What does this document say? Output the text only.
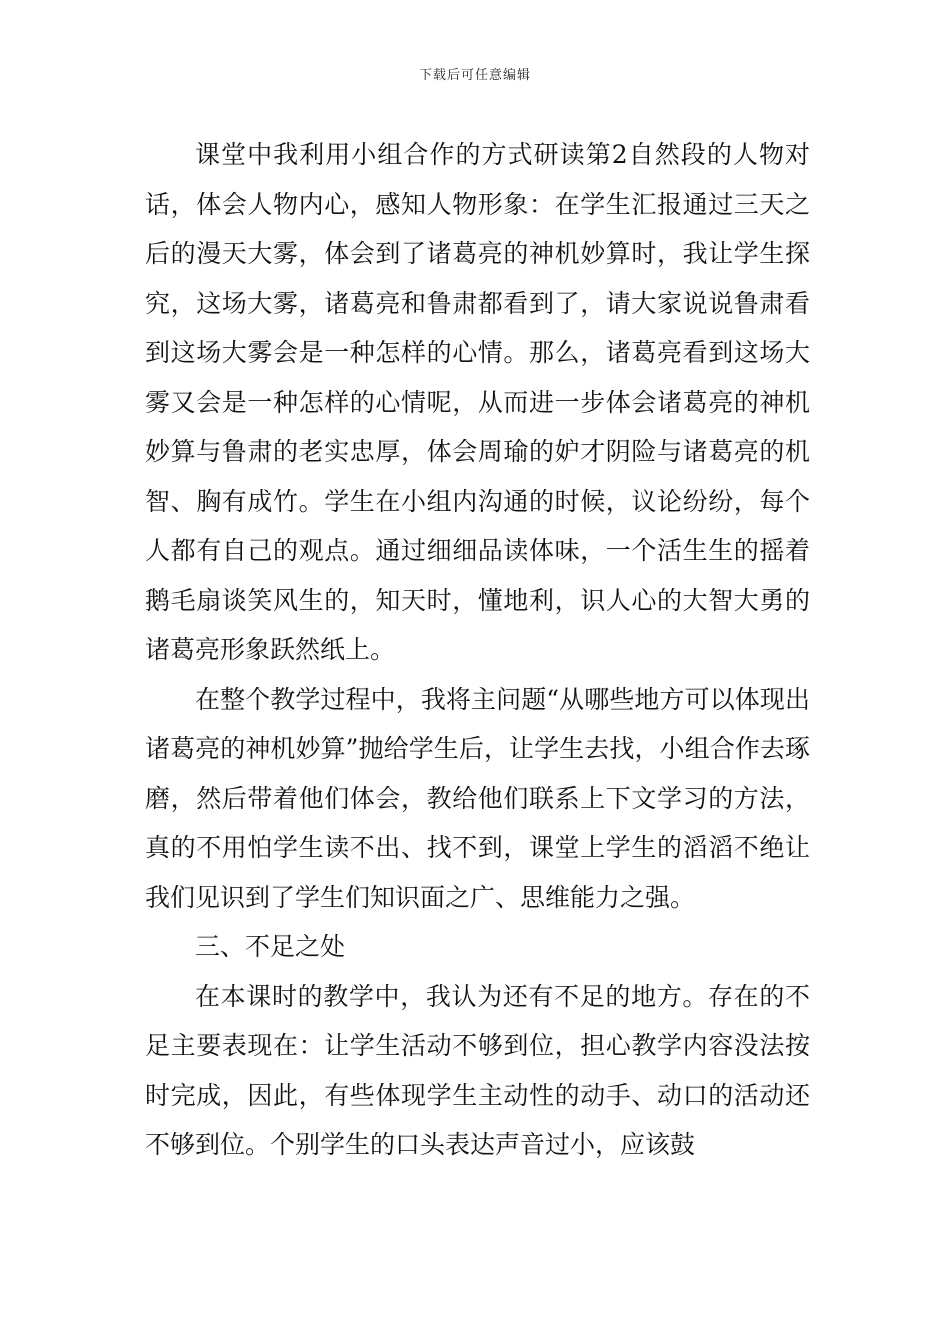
下载后可任意编辑

课堂中我利用小组合作的方式研读第2自然段的人物对话，体会人物内心，感知人物形象：在学生汇报通过三天之后的漫天大雾，体会到了诸葛亮的神机妙算时，我让学生探究，这场大雾，诸葛亮和鲁肃都看到了，请大家说说鲁肃看到这场大雾会是一种怎样的心情。那么，诸葛亮看到这场大雾又会是一种怎样的心情呢，从而进一步体会诸葛亮的神机妙算与鲁肃的老实忠厚，体会周瑜的妒才阴险与诸葛亮的机智、胸有成竹。学生在小组内沟通的时候，议论纷纷，每个人都有自己的观点。通过细细品读体味，一个活生生的摇着鹅毛扇谈笑风生的，知天时，懂地利，识人心的大智大勇的诸葛亮形象跃然纸上。

在整个教学过程中，我将主问题“从哪些地方可以体现出诸葛亮的神机妙算”抛给学生后，让学生去找，小组合作去琢磨，然后带着他们体会，教给他们联系上下文学习的方法，真的不用怕学生读不出、找不到，课堂上学生的滔滔不绝让我们见识到了学生们知识面之广、思维能力之强。

三、不足之处

在本课时的教学中，我认为还有不足的地方。存在的不足主要表现在：让学生活动不够到位，担心教学内容没法按时完成，因此，有些体现学生主动性的动手、动口的活动还不够到位。个别学生的口头表达声音过小，应该鼓
